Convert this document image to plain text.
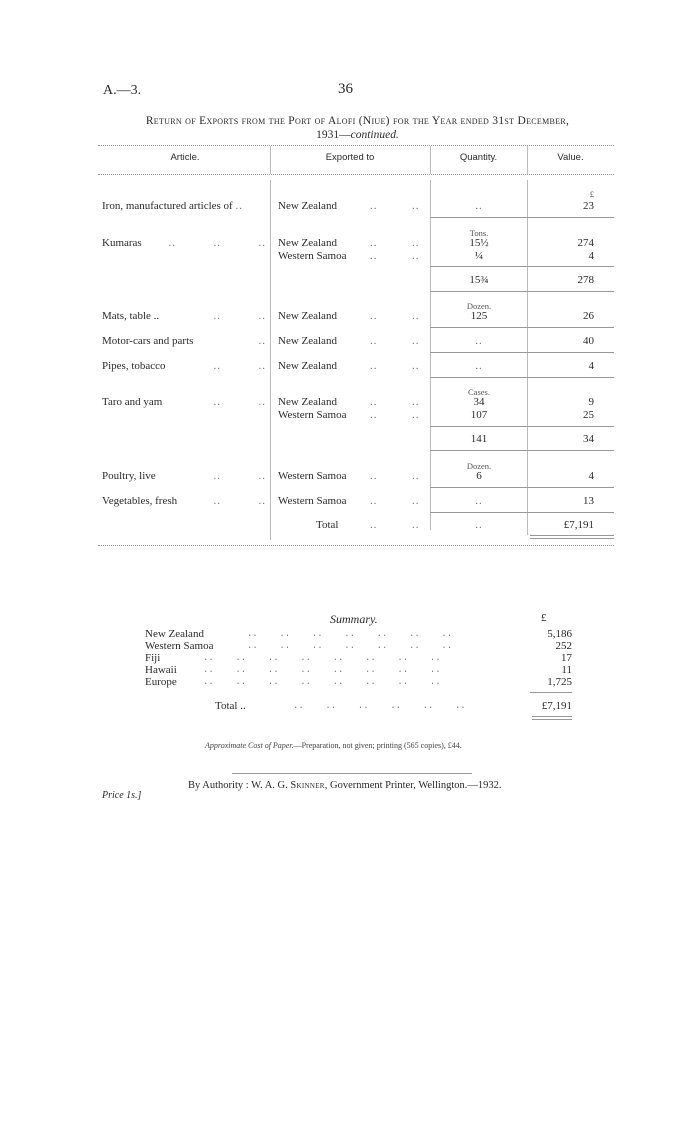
A.—3.	36
Return of Exports from the Port of Alofi (Niue) for the Year ended 31st December,
1931—continued.
Article.	Exported to	Quantity.	Value.
£
Iron, manufactured articles of ..	New Zealand	..	..	..	23
Tons.
Kumaras ..          ..          .. New Zealand	..	..	15½	274
Western Samoa ..	..	¼	4
15¾	278
Dozen.
Mats, table ..	..          .. New Zealand	..	..	125	26
Motor-cars and parts	.. New Zealand	..	..	..	40
Pipes, tobacco	..          .. New Zealand	..	..	..	4
Cases.
Taro and yam	..          .. New Zealand	..	..	34	9
Western Samoa ..	..	107	25
141	34
Dozen.
Poultry, live	..          .. Western Samoa ..	..	6	4
Vegetables, fresh	..          .. Western Samoa ..	..	..	13
Total	..	..	..	£7,191
Summary.	£
New Zealand	..    ..    ..    ..    ..    ..    ..	5,186
Western Samoa	..    ..    ..    ..    ..    ..    ..	252
Fiji	..    ..    ..    ..    ..    ..    ..    ..	17
Hawaii	..    ..    ..    ..    ..    ..    ..    ..	11
Europe	..    ..    ..    ..    ..    ..    ..    ..	1,725
Total ..	..    ..    ..    ..    ..    ..	£7,191
Approximate Cost of Paper.—Preparation, not given; printing (565 copies), £44.
By Authority : W. A. G. Skinner, Government Printer, Wellington.—1932.
Price 1s.]
